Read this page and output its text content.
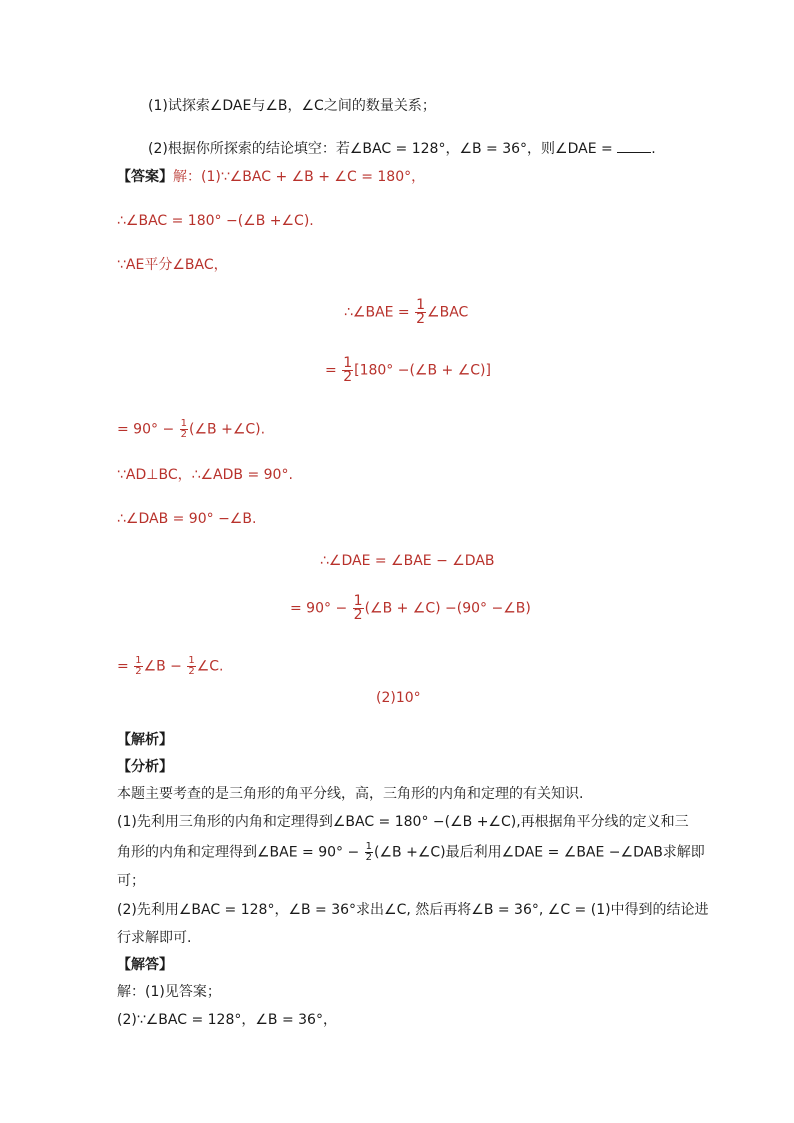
(1)试探索∠DAE与∠B，∠C之间的数量关系；
(2)根据你所探索的结论填空：若∠BAC = 128°，∠B = 36°，则∠DAE =	.
【答案】解：(1)∵∠BAC + ∠B + ∠C = 180°，
∴∠BAC = 180° −(∠B +∠C).
∵AE平分∠BAC，
∴∠BAE = $\frac{1}{2}$ ∠BAC
= $\frac{1}{2} [180^\circ$ −(∠B + ∠C)]
= $90^\circ - \frac{1}{2}$ (∠B +∠C).
∵AD⊥BC，∴∠ADB = 90°.
∴∠DAB = 90° −∠B.
∴∠DAE = ∠BAE − ∠DAB
= $90^\circ - \frac{1}{2}$ (∠B + ∠C) −(90° −∠B)
= $\frac{1}{2}$ ∠B − $\frac{1}{2}$ ∠C.
(2)10°
【解析】
【分析】
本题主要考查的是三角形的角平分线，高，三角形的内角和定理的有关知识.
(1)先利用三角形的内角和定理得到∠BAC = 180° −(∠B +∠C),再根据角平分线的定义和三
角形的内角和定理得到∠BAE = $90^\circ - \frac{1}{2}$ (∠B +∠C)最后利用∠DAE = ∠BAE −∠DAB求解即
可；
(2)先利用∠BAC = 128°，∠B = 36°求出∠C, 然后再将∠B = 36°, ∠C = (1)中得到的结论进
行求解即可.
【解答】
解：(1)见答案；
(2)∵∠BAC = 128°，∠B = 36°，
